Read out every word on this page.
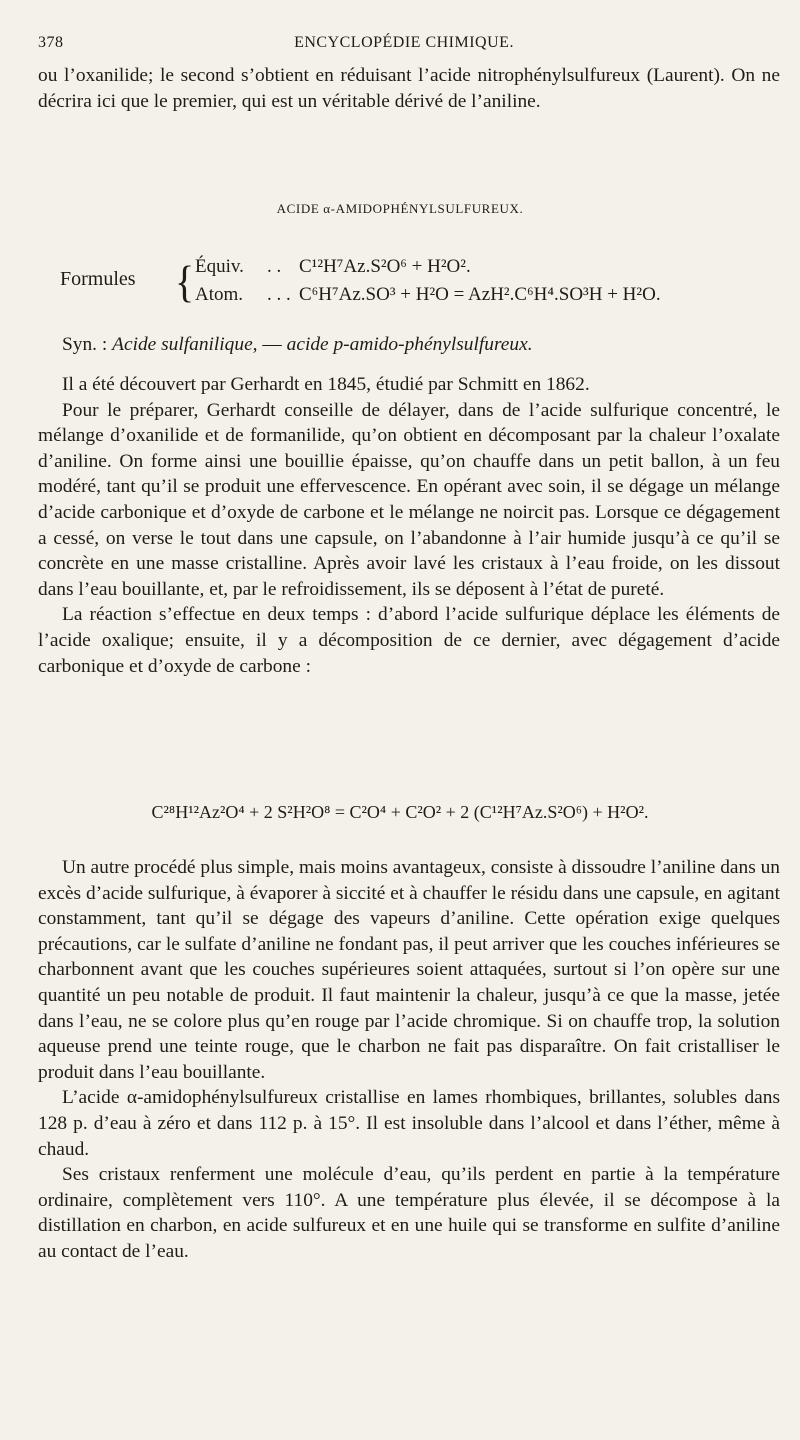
378	ENCYCLOPÉDIE CHIMIQUE.

ou l’oxanilide; le second s’obtient en réduisant l’acide nitrophénylsulfureux (Laurent). On ne décrira ici que le premier, qui est un véritable dérivé de l’aniline.

ACIDE α-AMIDOPHÉNYLSULFUREUX.
Formules { Équiv. . . C¹²H⁷Az.S²O⁶ + H²O².
Atom. . . . C⁶H⁷Az.SO³ + H²O = AzH².C⁶H⁴.SO³H + H²O.
Syn. : Acide sulfanilique, — acide p-amido-phénylsulfureux.

Il a été découvert par Gerhardt en 1845, étudié par Schmitt en 1862.

Pour le préparer, Gerhardt conseille de délayer, dans de l’acide sulfurique concentré, le mélange d’oxanilide et de formanilide, qu’on obtient en décomposant par la chaleur l’oxalate d’aniline. On forme ainsi une bouillie épaisse, qu’on chauffe dans un petit ballon, à un feu modéré, tant qu’il se produit une effervescence. En opérant avec soin, il se dégage un mélange d’acide carbonique et d’oxyde de carbone et le mélange ne noircit pas. Lorsque ce dégagement a cessé, on verse le tout dans une capsule, on l’abandonne à l’air humide jusqu’à ce qu’il se concrète en une masse cristalline. Après avoir lavé les cristaux à l’eau froide, on les dissout dans l’eau bouillante, et, par le refroidissement, ils se déposent à l’état de pureté.

La réaction s’effectue en deux temps : d’abord l’acide sulfurique déplace les éléments de l’acide oxalique; ensuite, il y a décomposition de ce dernier, avec dégagement d’acide carbonique et d’oxyde de carbone :

C²⁸H¹²Az²O⁴ + 2 S²H²O⁸ = C²O⁴ + C²O² + 2 (C¹²H⁷Az.S²O⁶) + H²O².

Un autre procédé plus simple, mais moins avantageux, consiste à dissoudre l’aniline dans un excès d’acide sulfurique, à évaporer à siccité et à chauffer le résidu dans une capsule, en agitant constamment, tant qu’il se dégage des vapeurs d’aniline. Cette opération exige quelques précautions, car le sulfate d’aniline ne fondant pas, il peut arriver que les couches inférieures se charbonnent avant que les couches supérieures soient attaquées, surtout si l’on opère sur une quantité un peu notable de produit. Il faut maintenir la chaleur, jusqu’à ce que la masse, jetée dans l’eau, ne se colore plus qu’en rouge par l’acide chromique. Si on chauffe trop, la solution aqueuse prend une teinte rouge, que le charbon ne fait pas disparaître. On fait cristalliser le produit dans l’eau bouillante.

L’acide α-amidophénylsulfureux cristallise en lames rhombiques, brillantes, solubles dans 128 p. d’eau à zéro et dans 112 p. à 15°. Il est insoluble dans l’alcool et dans l’éther, même à chaud.

Ses cristaux renferment une molécule d’eau, qu’ils perdent en partie à la température ordinaire, complètement vers 110°. A une température plus élevée, il se décompose à la distillation en charbon, en acide sulfureux et en une huile qui se transforme en sulfite d’aniline au contact de l’eau.
